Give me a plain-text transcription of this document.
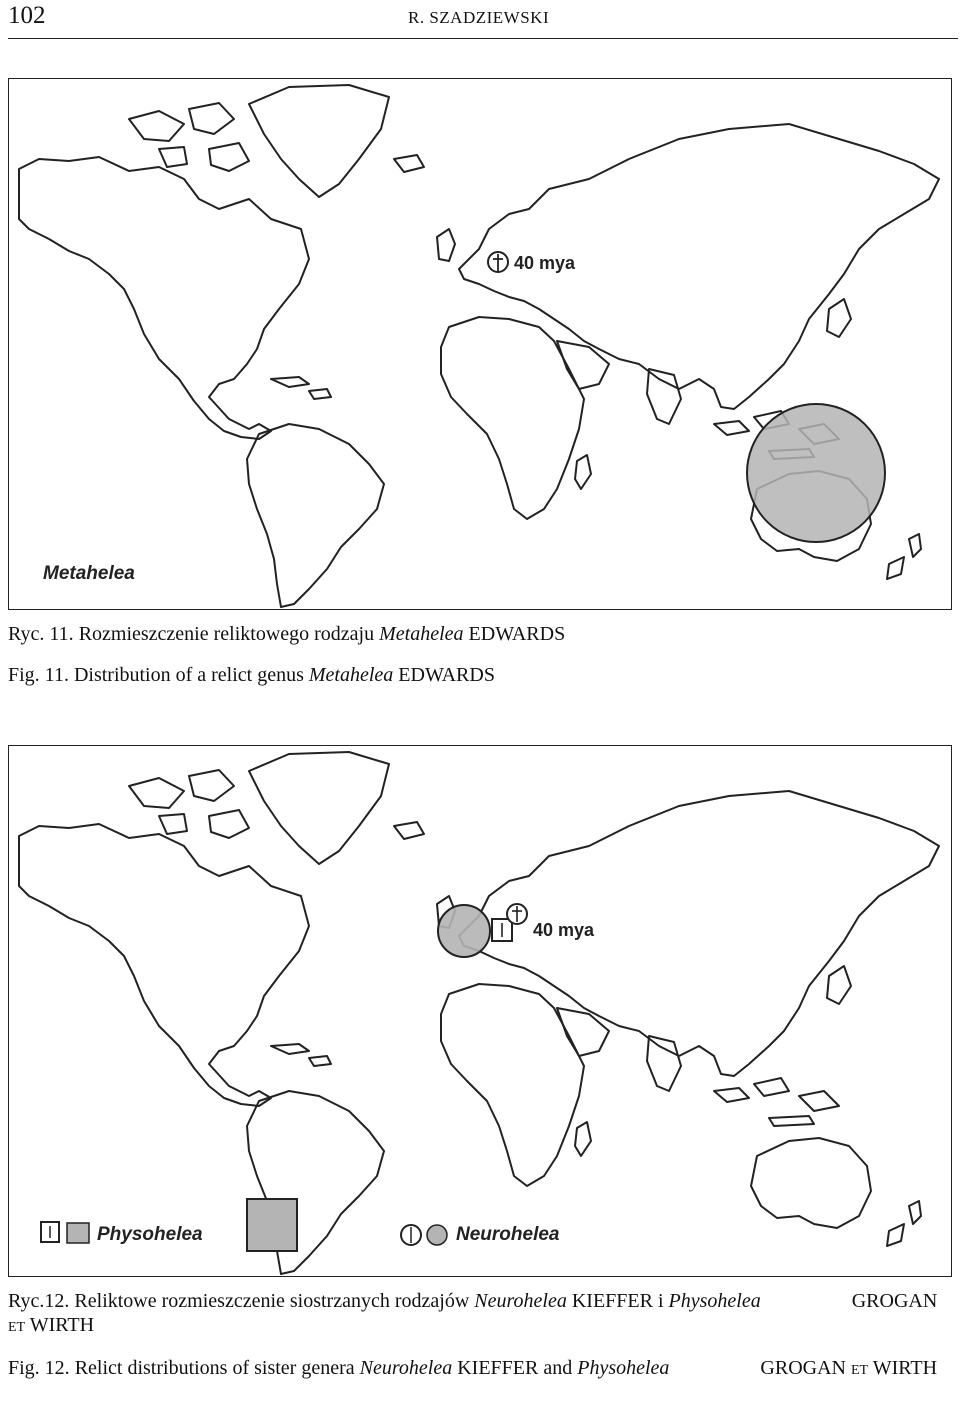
102	R. SZADZIEWSKI
40 mya
Metahelea
Ryc. 11. Rozmieszczenie reliktowego rodzaju Metahelea EDWARDS
Fig. 11. Distribution of a relict genus Metahelea EDWARDS
40 mya
Physohelea	Neurohelea
Ryc.12. Reliktowe rozmieszczenie siostrzanych rodzajów Neurohelea KIEFFER i Physohelea	GROGAN et WIRTH
Fig. 12. Relict distributions of sister genera Neurohelea KIEFFER and Physohelea	GROGAN et WIRTH
